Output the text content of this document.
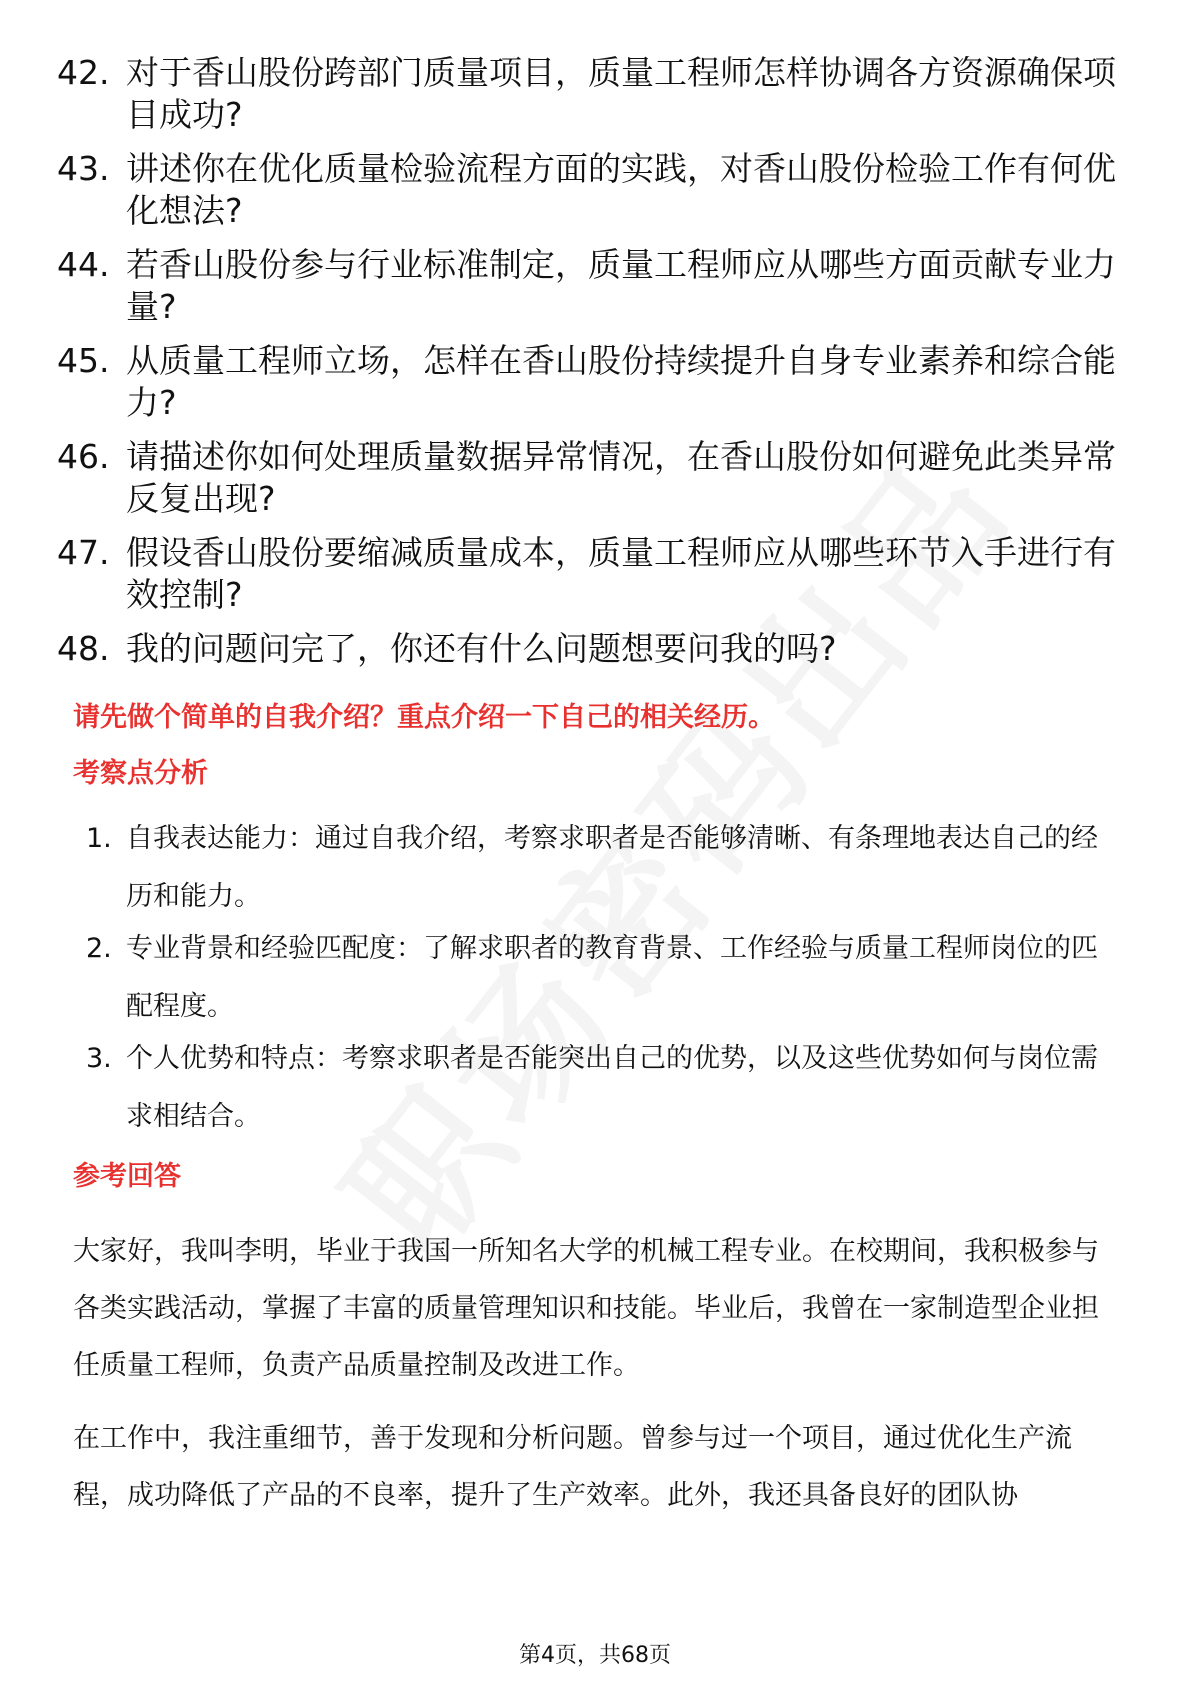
42. 对于香山股份跨部门质量项目，质量工程师怎样协调各方资源确保项目成功?
43. 讲述你在优化质量检验流程方面的实践，对香山股份检验工作有何优化想法?
44. 若香山股份参与行业标准制定，质量工程师应从哪些方面贡献专业力量?
45. 从质量工程师立场，怎样在香山股份持续提升自身专业素养和综合能力?
46. 请描述你如何处理质量数据异常情况，在香山股份如何避免此类异常反复出现?
47. 假设香山股份要缩减质量成本，质量工程师应从哪些环节入手进行有效控制?
48. 我的问题问完了，你还有什么问题想要问我的吗?
请先做个简单的自我介绍？重点介绍一下自己的相关经历。
考察点分析
1. 自我表达能力：通过自我介绍，考察求职者是否能够清晰、有条理地表达自己的经历和能力。
2. 专业背景和经验匹配度：了解求职者的教育背景、工作经验与质量工程师岗位的匹配程度。
3. 个人优势和特点：考察求职者是否能突出自己的优势，以及这些优势如何与岗位需求相结合。
参考回答
大家好，我叫李明，毕业于我国一所知名大学的机械工程专业。在校期间，我积极参与各类实践活动，掌握了丰富的质量管理知识和技能。毕业后，我曾在一家制造型企业担任质量工程师，负责产品质量控制及改进工作。
在工作中，我注重细节，善于发现和分析问题。曾参与过一个项目，通过优化生产流程，成功降低了产品的不良率，提升了生产效率。此外，我还具备良好的团队协
第4页，共68页
